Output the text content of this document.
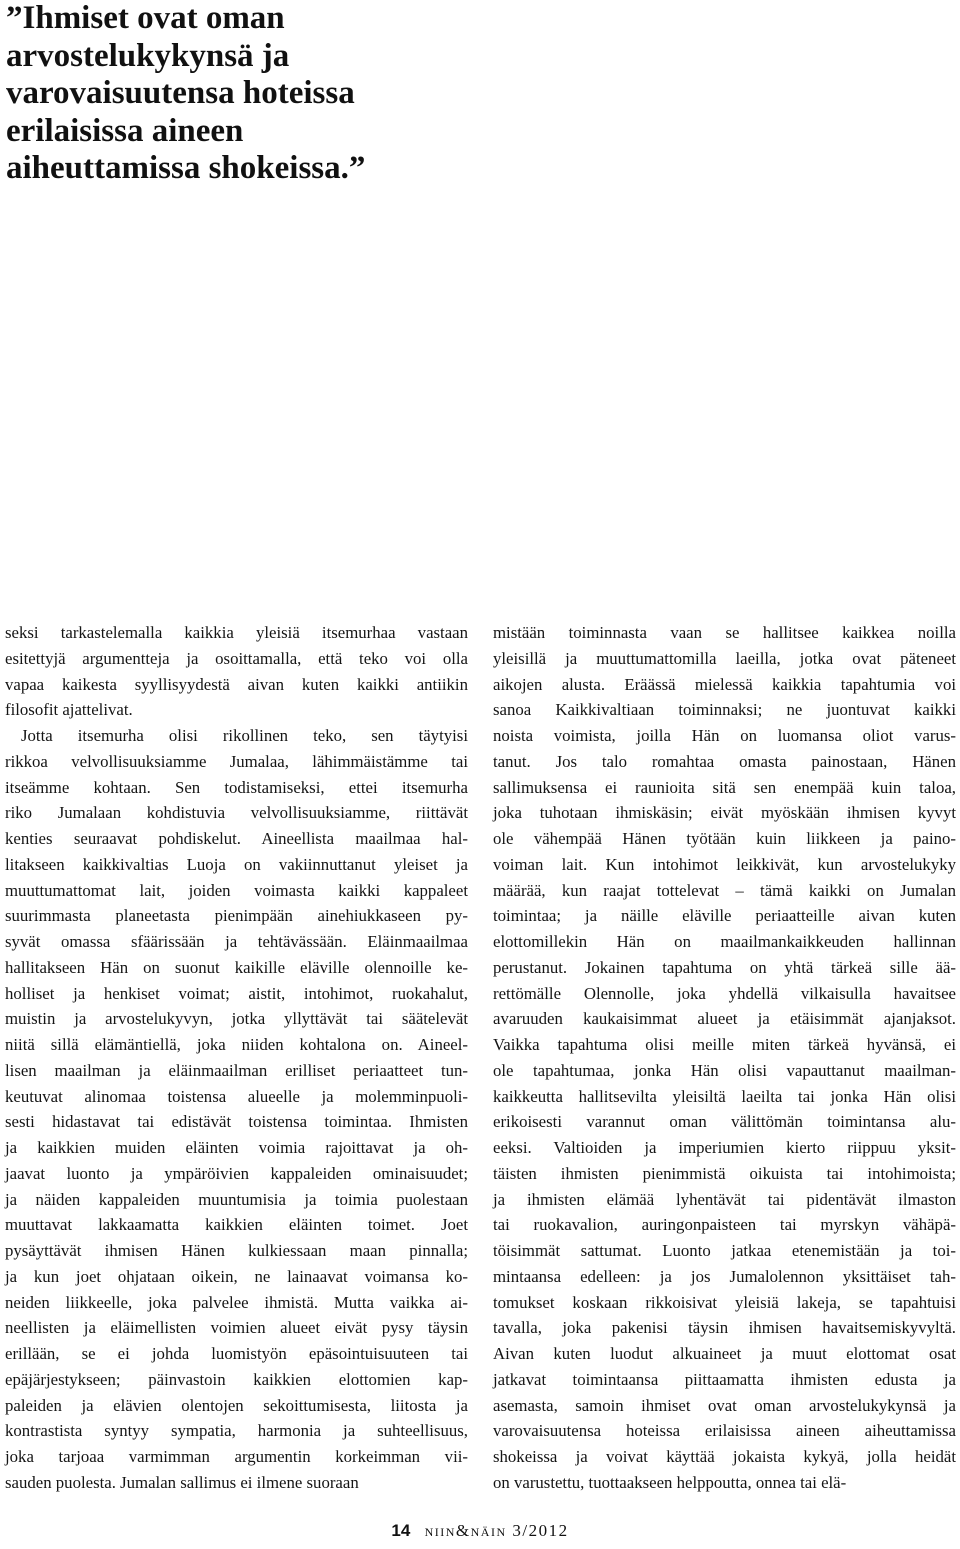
”Ihmiset ovat oman
arvostelukykynsä ja
varovaisuutensa hoteissa
erilaisissa aineen
aiheuttamissa shokeissa.”
seksi tarkastelemalla kaikkia yleisiä itsemurhaa vastaan
esitettyjä argumentteja ja osoittamalla, että teko voi olla
vapaa kaikesta syyllisyydestä aivan kuten kaikki antiikin
filosofit ajattelivat.
Jotta itsemurha olisi rikollinen teko, sen täytyisi
rikkoa velvollisuuksiamme Jumalaa, lähimmäistämme tai
itseämme kohtaan. Sen todistamiseksi, ettei itsemurha
riko Jumalaan kohdistuvia velvollisuuksiamme, riittävät
kenties seuraavat pohdiskelut. Aineellista maailmaa hal-
litakseen kaikkivaltias Luoja on vakiinnuttanut yleiset ja
muuttumattomat lait, joiden voimasta kaikki kappaleet
suurimmasta planeetasta pienimpään ainehiukkaseen py-
syvät omassa sfäärissään ja tehtävässään. Eläinmaailmaa
hallitakseen Hän on suonut kaikille eläville olennoille ke-
holliset ja henkiset voimat; aistit, intohimot, ruokahalut,
muistin ja arvostelukyvyn, jotka yllyttävät tai säätelevät
niitä sillä elämäntiellä, joka niiden kohtalona on. Aineel-
lisen maailman ja eläinmaailman erilliset periaatteet tun-
keutuvat alinomaa toistensa alueelle ja molemminpuoli-
sesti hidastavat tai edistävät toistensa toimintaa. Ihmisten
ja kaikkien muiden eläinten voimia rajoittavat ja oh-
jaavat luonto ja ympäröivien kappaleiden ominaisuudet;
ja näiden kappaleiden muuntumisia ja toimia puolestaan
muuttavat lakkaamatta kaikkien eläinten toimet. Joet
pysäyttävät ihmisen Hänen kulkiessaan maan pinnalla;
ja kun joet ohjataan oikein, ne lainaavat voimansa ko-
neiden liikkeelle, joka palvelee ihmistä. Mutta vaikka ai-
neellisten ja eläimellisten voimien alueet eivät pysy täysin
erillään, se ei johda luomistyön epäsointuisuuteen tai
epäjärjestykseen; päinvastoin kaikkien elottomien kap-
paleiden ja elävien olentojen sekoittumisesta, liitosta ja
kontrastista syntyy sympatia, harmonia ja suhteellisuus,
joka tarjoaa varmimman argumentin korkeimman vii-
sauden puolesta. Jumalan sallimus ei ilmene suoraan
mistään toiminnasta vaan se hallitsee kaikkea noilla
yleisillä ja muuttumattomilla laeilla, jotka ovat päteneet
aikojen alusta. Eräässä mielessä kaikkia tapahtumia voi
sanoa Kaikkivaltiaan toiminnaksi; ne juontuvat kaikki
noista voimista, joilla Hän on luomansa oliot varus-
tanut. Jos talo romahtaa omasta painostaan, Hänen
sallimuksensa ei raunioita sitä sen enempää kuin taloa,
joka tuhotaan ihmiskäsin; eivät myöskään ihmisen kyvyt
ole vähempää Hänen työtään kuin liikkeen ja paino-
voiman lait. Kun intohimot leikkivät, kun arvostelukyky
määrää, kun raajat tottelevat – tämä kaikki on Jumalan
toimintaa; ja näille eläville periaatteille aivan kuten
elottomillekin Hän on maailmankaikkeuden hallinnan
perustanut. Jokainen tapahtuma on yhtä tärkeä sille ää-
rettömälle Olennolle, joka yhdellä vilkaisulla havaitsee
avaruuden kaukaisimmat alueet ja etäisimmät ajanjaksot.
Vaikka tapahtuma olisi meille miten tärkeä hyvänsä, ei
ole tapahtumaa, jonka Hän olisi vapauttanut maailman-
kaikkeutta hallitsevilta yleisiltä laeilta tai jonka Hän olisi
erikoisesti varannut oman välittömän toimintansa alu-
eeksi. Valtioiden ja imperiumien kierto riippuu yksit-
täisten ihmisten pienimmistä oikuista tai intohimoista;
ja ihmisten elämää lyhentävät tai pidentävät ilmaston
tai ruokavalion, auringonpaisteen tai myrskyn vähäpä-
töisimmät sattumat. Luonto jatkaa etenemistään ja toi-
mintaansa edelleen: ja jos Jumalolennon yksittäiset tah-
tomukset koskaan rikkoisivat yleisiä lakeja, se tapahtuisi
tavalla, joka pakenisi täysin ihmisen havaitsemiskyvyltä.
Aivan kuten luodut alkuaineet ja muut elottomat osat
jatkavat toimintaansa piittaamatta ihmisten edusta ja
asemasta, samoin ihmiset ovat oman arvostelukykynsä ja
varovaisuutensa hoteissa erilaisissa aineen aiheuttamissa
shokeissa ja voivat käyttää jokaista kykyä, jolla heidät
on varustettu, tuottaakseen helppoutta, onnea tai elä-
14 niin&näin 3/2012
